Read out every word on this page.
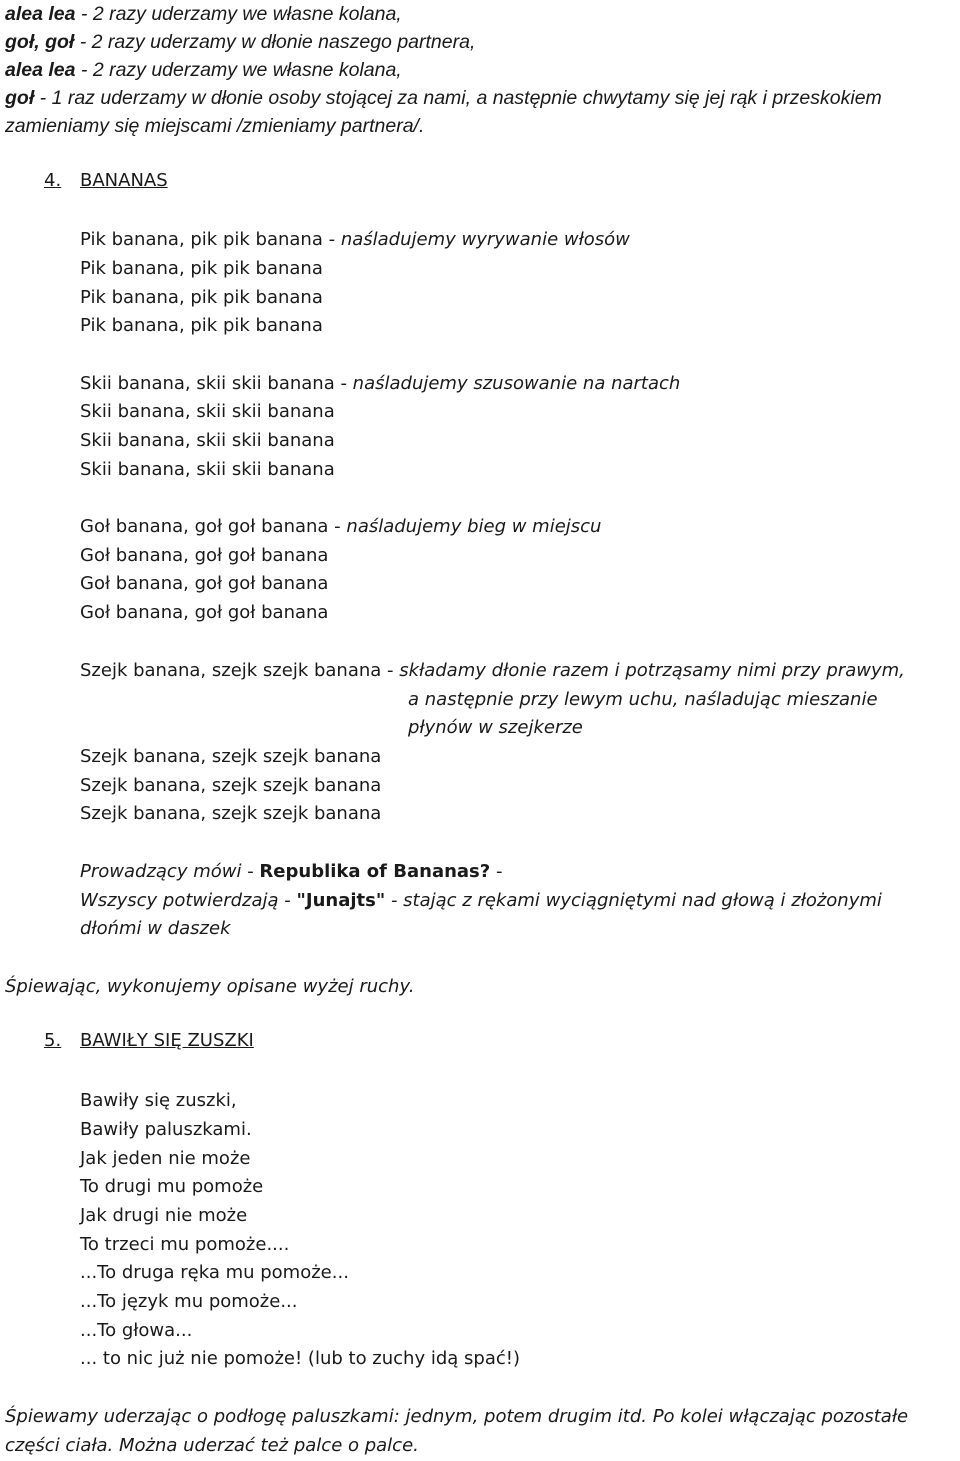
alea lea - 2 razy uderzamy we własne kolana,
goł, goł - 2 razy uderzamy w dłonie naszego partnera,
alea lea - 2 razy uderzamy we własne kolana,
goł - 1 raz uderzamy w dłonie osoby stojącej za nami, a następnie chwytamy się jej rąk i przeskokiem
zamieniamy się miejscami /zmieniamy partnera/.
4. BANANAS
Pik banana, pik pik banana - naśladujemy wyrywanie włosów
Pik banana, pik pik banana
Pik banana, pik pik banana
Pik banana, pik pik banana
Skii banana, skii skii banana - naśladujemy szusowanie na nartach
Skii banana, skii skii banana
Skii banana, skii skii banana
Skii banana, skii skii banana
Goł banana, goł goł banana - naśladujemy bieg w miejscu
Goł banana, goł goł banana
Goł banana, goł goł banana
Goł banana, goł goł banana
Szejk banana, szejk szejk banana - składamy dłonie razem i potrząsamy nimi przy prawym,
a następnie przy lewym uchu, naśladując mieszanie
płynów w szejkerze
Szejk banana, szejk szejk banana
Szejk banana, szejk szejk banana
Szejk banana, szejk szejk banana
Prowadzący mówi - Republika of Bananas? -
Wszyscy potwierdzają - "Junajts" - stając z rękami wyciągniętymi nad głową i złożonymi
dłońmi w daszek
Śpiewając, wykonujemy opisane wyżej ruchy.
5. BAWIŁY SIĘ ZUSZKI
Bawiły się zuszki,
Bawiły paluszkami.
Jak jeden nie może
To drugi mu pomoże
Jak drugi nie może
To trzeci mu pomoże....
...To druga ręka mu pomoże...
...To język mu pomoże...
...To głowa...
... to nic już nie pomoże! (lub to zuchy idą spać!)
Śpiewamy uderzając o podłogę paluszkami: jednym, potem drugim itd. Po kolei włączając pozostałe
części ciała. Można uderzać też palce o palce.
